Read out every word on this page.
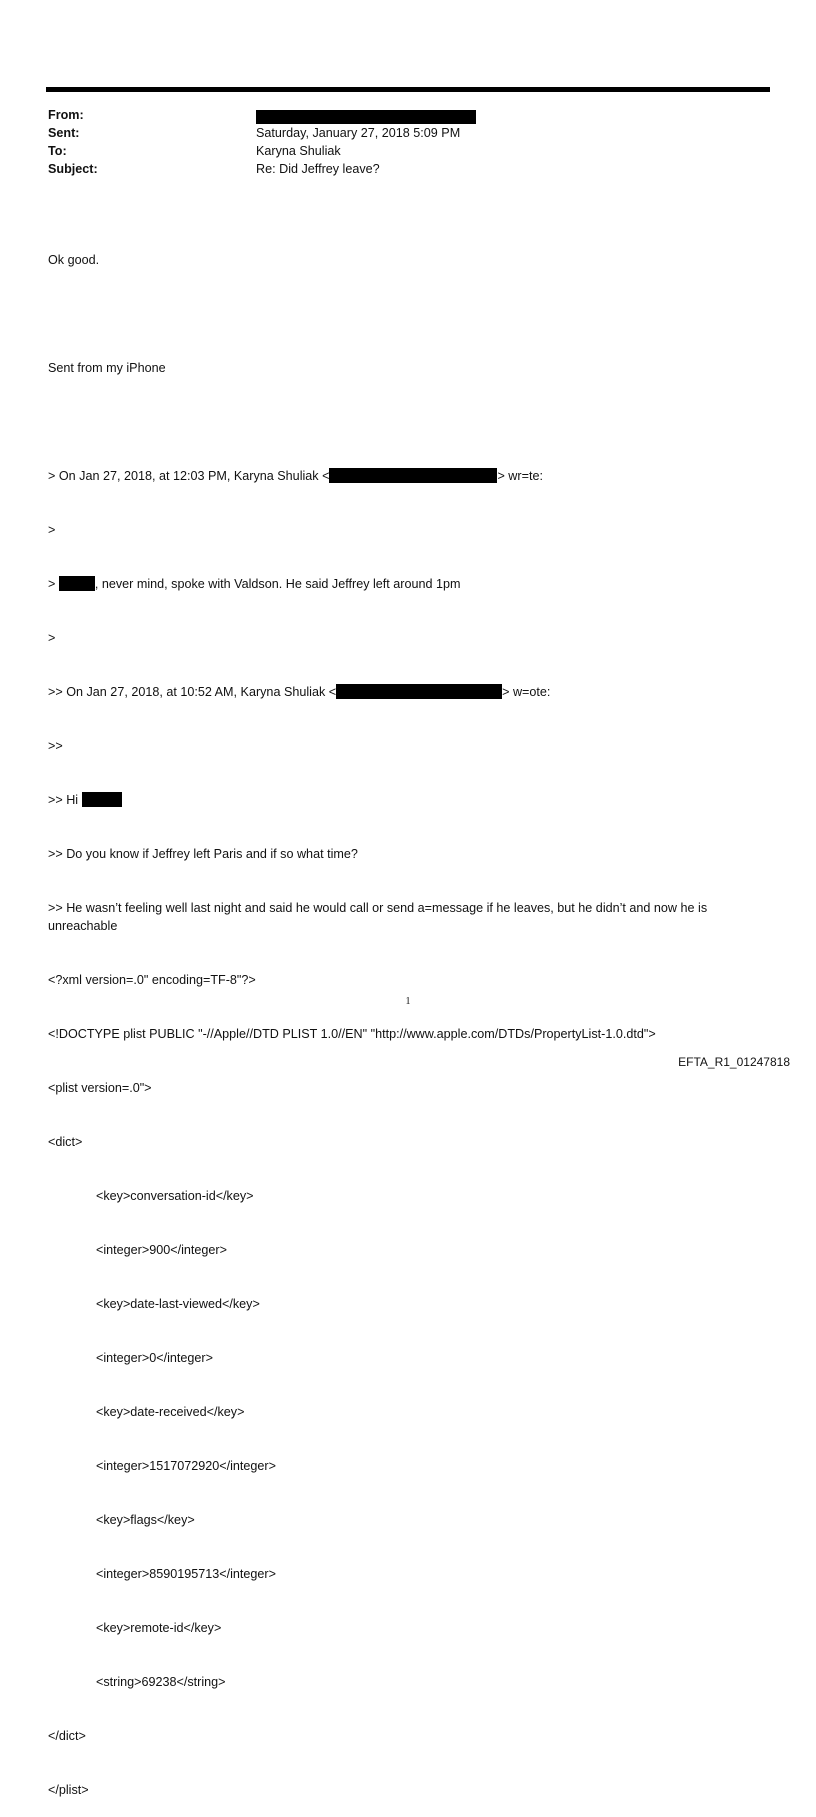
From:
Sent:	Saturday, January 27, 2018 5:09 PM
To:	Karyna Shuliak
Subject:	Re: Did Jeffrey leave?

Ok good.

Sent from my iPhone

> On Jan 27, 2018, at 12:03 PM, Karyna Shuliak <	> wr=te:

>

>	, never mind, spoke with Valdson. He said Jeffrey left around 1pm

>

>> On Jan 27, 2018, at 10:52 AM, Karyna Shuliak <	> w=ote:

>>

>> Hi

>> Do you know if Jeffrey left Paris and if so what time?

>> He wasn’t feeling well last night and said he would call or send a=message if he leaves, but he didn’t and now he is unreachable

<?xml version=.0" encoding=TF-8"?>

<!DOCTYPE plist PUBLIC "-//Apple//DTD PLIST 1.0//EN" "http://www.apple.com/DTDs/PropertyList-1.0.dtd">

<plist version=.0">

<dict>

<key>conversation-id</key>

<integer>900</integer>

<key>date-last-viewed</key>

<integer>0</integer>

<key>date-received</key>

<integer>1517072920</integer>

<key>flags</key>

<integer>8590195713</integer>

<key>remote-id</key>

<string>69238</string>

</dict>

</plist>

1
EFTA_R1_01247818
